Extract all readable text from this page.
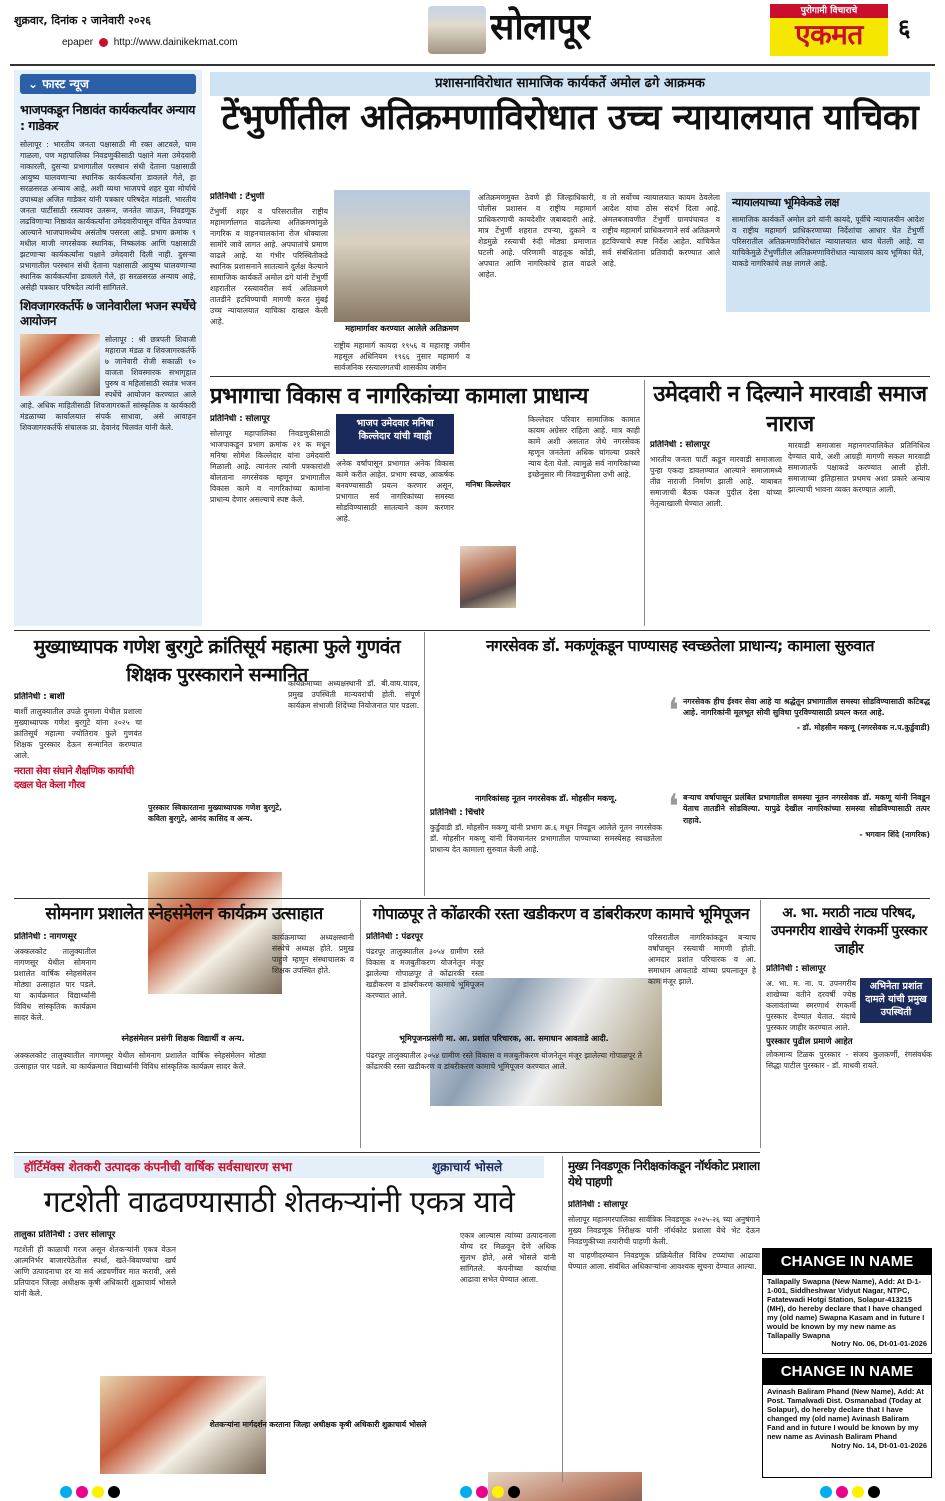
शुक्रवार, दिनांक २ जानेवारी २०२६
epaper http://www.dainikekmat.com	सोलापूर	पुरोगामी विचाराचे
एकमत	६
⌄ फास्ट न्यूज
भाजपकडून निष्ठावंत कार्यकर्त्यांवर अन्याय : गाडेकर

सोलापूर : भारतीय जनता पक्षासाठी मी रक्त आटवले, घाम गाळला, पण महापालिका निवडणुकीसाठी पक्षाने मला उमेदवारी नाकारली, दुसऱ्या प्रभागातील परस्थान संधी देताना पक्षासाठी आयुष्य घालवणाऱ्या स्थानिक कार्यकर्त्यांना डावलले गेले, हा सरळसरळ अन्याय आहे, अशी व्यथा भाजपचे शहर युवा मोर्चाचे उपाध्यक्ष अजित गाडेकर यांनी पत्रकार परिषदेत मांडली. भारतीय जनता पार्टीसाठी रस्त्यावर उतरून, जनतेत जाऊन, निवडणूक लढविणाऱ्या निष्ठावंत कार्यकर्त्यांना उमेदवारीपासून वंचित ठेवण्यात आल्याने भाजपामध्येच असंतोष पसरला आहे. प्रभाग क्रमांक ९ मधील माजी नगरसेवक स्थानिक, निष्कलंक आणि पक्षासाठी झटणाऱ्या कार्यकर्त्यांना पक्षाने उमेदवारी दिली नाही. दुसऱ्या प्रभागातील परस्थान संधी देताना पक्षासाठी आयुष्य घालवणाऱ्या स्थानिक कार्यकर्त्यांना डावलले गेले, हा सरळसरळ अन्याय आहे, असेही पत्रकार परिषदेत त्यांनी सांगितले.

शिवजागरकर्तर्फे ७ जानेवारीला भजन स्पर्धेचे आयोजन

सोलापूर : श्री छत्रपती शिवाजी महाराज मंडळ व शिवजागरकर्तर्फे ७ जानेवारी रोजी सकाळी १० वाजता शिवस्मारक सभागृहात पुरुष व महिलांसाठी स्वतंत्र भजन स्पर्धेचे आयोजन करण्यात आले आहे. अधिक माहितीसाठी शिवजागरकर्ते सांस्कृतिक व कार्यकारी मंडळाच्या कार्यालयात संपर्क साधावा, असे आवाहन शिवजागरकर्तर्फे संचालक प्रा. देवानंद चिलवंत यांनी केले.

प्रशासनाविरोधात सामाजिक कार्यकर्ते अमोल ढगे आक्रमक
टेंभुर्णीतील अतिक्रमणाविरोधात उच्च न्यायालयात याचिका
प्रतिनिधी : टेंभुर्णी

टेंभुर्णी शहर व परिसरातील राष्ट्रीय महामार्गालगत वाढलेल्या अतिक्रमणांमुळे नागरिक व वाहनचालकांना रोज धोक्याला सामोरे जावे लागत आहे. अपघातांचे प्रमाण वाढले आहे. या गंभीर परिस्थितीकडे स्थानिक प्रशासनाने सातत्याने दुर्लक्ष केल्याने सामाजिक कार्यकर्ते अमोल ढगे यांनी टेंभुर्णी शहरातील रस्त्यावरील सर्व अतिक्रमणे तातडीने हटविण्याची मागणी करत मुंबई उच्च न्यायालयात याचिका दाखल केली आहे.

महामार्गावर करण्यात आलेले अतिक्रमण

राष्ट्रीय महामार्ग कायदा १९५६ व महाराष्ट्र जमीन महसूल अधिनियम १९६६ नुसार महामार्ग व सार्वजनिक रस्त्यालगतची शासकीय जमीन

अतिक्रमणमुक्त ठेवणे ही जिल्हाधिकारी, पोलीस प्रशासन व राष्ट्रीय महामार्ग प्राधिकरणाची कायदेशीर जबाबदारी आहे. मात्र टेंभुर्णी शहरात टपऱ्या, दुकाने व शेडमुळे रस्त्याची रुंदी मोठ्या प्रमाणात घटली आहे. परिणामी वाहतूक कोंडी, अपघात आणि नागरिकांचे हाल वाढले आहेत.

व तो सर्वोच्च न्यायालयात कायम ठेवलेला आदेश यांचा ठोस संदर्भ दिला आहे. अंमलबजावणीत टेंभुर्णी ग्रामपंचायत व राष्ट्रीय महामार्ग प्राधिकरणाने सर्व अतिक्रमणे हटविण्याचे स्पष्ट निर्देश आहेत. याचिकेत सर्व संबंधितांना प्रतिवादी करण्यात आले आहे.

न्यायालयाच्या भूमिकेकडे लक्ष

सामाजिक कार्यकर्ते अमोल ढगे यांनी कायदे, पूर्वीचे न्यायालयीन आदेश व राष्ट्रीय महामार्ग प्राधिकरणाच्या निर्देशांचा आधार घेत टेंभुर्णी परिसरातील अतिक्रमणाविरोधात न्यायालयात धाव घेतली आहे. या याचिकेमुळे टेंभुर्णीतील अतिक्रमणाविरोधात न्यायालय काय भूमिका घेते, याकडे नागरिकांचे लक्ष लागले आहे.

प्रभागाचा विकास व नागरिकांच्या कामाला प्राधान्य
प्रतिनिधी : सोलापूर

सोलापूर महापालिका निवडणुकीसाठी भाजपाकडून प्रभाग क्रमांक २१ क मधून मनिषा सोमेश किल्लेदार यांना उमेदवारी मिळाली आहे. त्यानंतर त्यांनी पत्रकारांशी बोलताना नगरसेवक म्हणून प्रभागातील विकास कामे व नागरिकांच्या कामांना प्राधान्य देणार असल्याचे स्पष्ट केले.

भाजप उमेदवार मनिषा किल्लेदार यांची ग्वाही

अनेक वर्षांपासून प्रभागात अनेक विकास कामे करीत आहेत. प्रभाग स्वच्छ, आकर्षक बनवण्यासाठी प्रयत्न करणार असून, प्रभागात सर्व नागरिकांच्या समस्या सोडविण्यासाठी सातत्याने काम करणार आहे.

मनिषा किल्लेदार

किल्लेदार परिवार सामाजिक कामात कायम अग्रेसर राहिला आहे. मात्र काही कामे अशी असतात जेथे नगरसेवक म्हणून जनतेला अधिक चांगल्या प्रकारे न्याय देता येतो. त्यामुळे सर्व नागरिकांच्या इच्छेनुसार मी निवडणुकीला उभी आहे.

उमेदवारी न दिल्याने मारवाडी समाज नाराज
प्रतिनिधी : सोलापूर

भारतीय जनता पार्टी कडून मारवाडी समाजाला पुन्हा एकदा डावलण्यात आल्याने समाजामध्ये तीव्र नाराजी निर्माण झाली आहे. याबाबत समाजाची बैठक पंकज पुदील देसा यांच्या नेतृत्वाखाली घेण्यात आली.

मारवाडी समाजास महानगरपालिकेत प्रतिनिधित्व देण्यात यावे, अशी आग्रही मागणी सकल मारवाडी समाजातर्फे पक्षाकडे करण्यात आली होती. समाजाच्या इतिहासात प्रथमच अशा प्रकारे अन्याय झाल्याची भावना व्यक्त करण्यात आली.

मुख्याध्यापक गणेश बुरगुटे क्रांतिसूर्य महात्मा फुले गुणवंत शिक्षक पुरस्काराने सन्मानित
प्रतिनिधी : बार्शी

बार्शी तालुक्यातील उपळे दुमाला येथील प्रशाला मुख्याध्यापक गणेश बुरगुटे यांना २०२५ चा क्रांतिसूर्य महात्मा ज्योतिराव फुले गुणवंत शिक्षक पुरस्कार देऊन सन्मानित करण्यात आले.

नराता सेवा संघाने शैक्षणिक कार्याची दखल घेत केला गौरव

पुरस्कार स्विकारताना मुख्याध्यापक गणेश बुरगुटे, कविता बुरगुटे, आनंद कासिद व अन्य.

कार्यक्रमाच्या अध्यक्षस्थानी डॉ. बी.वाय.यादव, प्रमुख उपस्थिती मान्यवरांची होती. संपूर्ण कार्यक्रम संभाजी शिंदेंच्या नियोजनात पार पडला.

नगरसेवक डॉ. मकणूंकडून पाण्यासह स्वच्छतेला प्राधान्य; कामाला सुरुवात
नागरिकांसह नूतन नगरसेवक डॉ. मोहसीन मकणू.
प्रतिनिधी : चिंचोरे

कुर्डुवाडी डॉ. मोहसीन मकणू यांनी प्रभाग क्र.६ मधून निवडून आलेले नूतन नगरसेवक डॉ. मोहसीन मकणू यांनी विजयानंतर प्रभागातील पाण्याच्या समस्येसह स्वच्छतेला प्राधान्य देत कामाला सुरुवात केली आहे.

❛ नगरसेवक हीच ईश्वर सेवा आहे या श्रद्धेतून प्रभागातील समस्या सोडविण्यासाठी कटिबद्ध आहे. नागरिकांनी मूलभूत सोयी सुविधा पुरविण्यासाठी प्रयत्न करत आहे.

- डॉ. मोहसीन मकणू (नगरसेवक न.प.कुर्डुवाडी)

❛ बऱ्याच वर्षापासून प्रलंबित प्रभागातील समस्या नूतन नगरसेवक डॉ. मकणू यांनी निवडून येताच तातडीने सोडविल्या. यापुढे देखील नागरिकांच्या समस्या सोडविण्यासाठी तत्पर राहावे.

- भगवान शिंदे (नागरिक)

सोमनाग प्रशालेत स्नेहसंमेलन कार्यक्रम उत्साहात
प्रतिनिधी : नागणसूर

अक्कलकोट तालुक्यातील नागणसूर येथील सोमनाग प्रशालेत वार्षिक स्नेहसंमेलन मोठ्या उत्साहात पार पडले. या कार्यक्रमात विद्यार्थ्यांनी विविध सांस्कृतिक कार्यक्रम सादर केले.

स्नेहसंमेलन प्रसंगी शिक्षक विद्यार्थी व अन्य.

कार्यक्रमाच्या अध्यक्षस्थानी संस्थेचे अध्यक्ष होते. प्रमुख पाहुणे म्हणून संस्थाचालक व शिक्षक उपस्थित होते.

गोपाळपूर ते कोंढारकी रस्ता खडीकरण व डांबरीकरण कामाचे भूमिपूजन
प्रतिनिधी : पंढरपूर

पंढरपूर तालुक्यातील ३०५४ ग्रामीण रस्ते विकास व मजबुतीकरण योजनेतून मंजूर झालेल्या गोपाळपूर ते कोंढारकी रस्ता खडीकरण व डांबरीकरण कामाचे भूमिपूजन करण्यात आले.

भूमिपूजनप्रसंगी मा. आ. प्रशांत परिचारक, आ. समाधान आवताडे आदी.

परिसरातील नागरिकांकडून बऱ्याच वर्षांपासून रस्त्याची मागणी होती. आमदार प्रशांत परिचारक व आ. समाधान आवताडे यांच्या प्रयत्नातून हे काम मंजूर झाले.

अ. भा. मराठी नाट्य परिषद, उपनगरीय शाखेचे रंगकर्मी पुरस्कार जाहीर
प्रतिनिधी : सोलापूर
अभिनेता प्रशांत दामले यांची प्रमुख उपस्थिती

अ. भा. म. ना. प. उपनगरीय शाखेच्या वतीने दरवर्षी ज्येष्ठ कलावंतांच्या स्मरणार्थ रंगकर्मी पुरस्कार देण्यात येतात. यंदाचे पुरस्कार जाहीर करण्यात आले.

पुरस्कार पुढील प्रमाणे आहेत

लोकमान्य टिळक पुरस्कार - संजय कुलकर्णी, रंगसंवर्धक सिद्धा पाटील पुरस्कार - डॉ. माधवी रायते.

अक्कलकोट तालुक्यातील नागणसूर येथील सोमनाग प्रशालेत वार्षिक स्नेहसंमेलन मोठ्या उत्साहात पार पडले. या कार्यक्रमात विद्यार्थ्यांनी विविध सांस्कृतिक कार्यक्रम सादर केले.

पंढरपूर तालुक्यातील ३०५४ ग्रामीण रस्ते विकास व मजबुतीकरण योजनेतून मंजूर झालेल्या गोपाळपूर ते कोंढारकी रस्ता खडीकरण व डांबरीकरण कामाचे भूमिपूजन करण्यात आले.

हॉर्टिमॅक्स शेतकरी उत्पादक कंपनीची वार्षिक सर्वसाधारण सभा	शुक्राचार्य भोसले
गटशेती वाढवण्यासाठी शेतकऱ्यांनी एकत्र यावे
तालुका प्रतिनिधी : उत्तर सोलापूर

गटशेती ही काळाची गरज असून शेतकऱ्यांनी एकत्र येऊन आत्मनिर्भर बाजारपेठेतील स्पर्धा, खते-बियाण्यांचा खर्च आणि उत्पादनाचा दर या सर्व अडचणींवर मात करावी, असे प्रतिपादन जिल्हा अधीक्षक कृषी अधिकारी शुक्राचार्य भोसले यांनी केले.

शेतकऱ्यांना मार्गदर्शन करताना जिल्हा अधीक्षक कृषी अधिकारी शुक्राचार्य भोसले

एकत्र आल्यास त्यांच्या उत्पादनाला योग्य दर मिळवून देणे अधिक सुलभ होते, असे भोसले यांनी सांगितले. कंपनीच्या कार्याचा आढावा सभेत घेण्यात आला.

मुख्य निवडणूक निरीक्षकांकडून नॉर्थकोट प्रशाला येथे पाहणी
प्रतिनिधी : सोलापूर

सोलापूर महानगरपालिका सार्वत्रिक निवडणूक २०२५-२६ च्या अनुषंगाने मुख्य निवडणूक निरीक्षक यांनी नॉर्थकोट प्रशाला येथे भेट देऊन निवडणुकीच्या तयारीची पाहणी केली.

या पाहणीदरम्यान निवडणूक प्रक्रियेतील विविध टप्प्यांचा आढावा घेण्यात आला. संबंधित अधिकाऱ्यांना आवश्यक सूचना देण्यात आल्या.	CHANGE IN NAME
Tallapally Swapna (New Name), Add: At D-1-1-001, Siddheshwar Vidyut Nagar, NTPC, Fatatewadi Hotgi Station, Solapur-413215 (MH), do hereby declare that I have changed my (old name) Swapna Kasam and in future I would be known by my new name as Tallapally Swapna
Notry No. 06, Dt-01-01-2026
CHANGE IN NAME
Avinash Baliram Phand (New Name), Add: At Post. Tamalwadi Dist. Osmanabad (Today at Solapur), do hereby declare that I have changed my (old name) Avinash Baliram Fand and in future I would be known by my new name as Avinash Baliram Phand
Notry No. 14, Dt-01-01-2026
